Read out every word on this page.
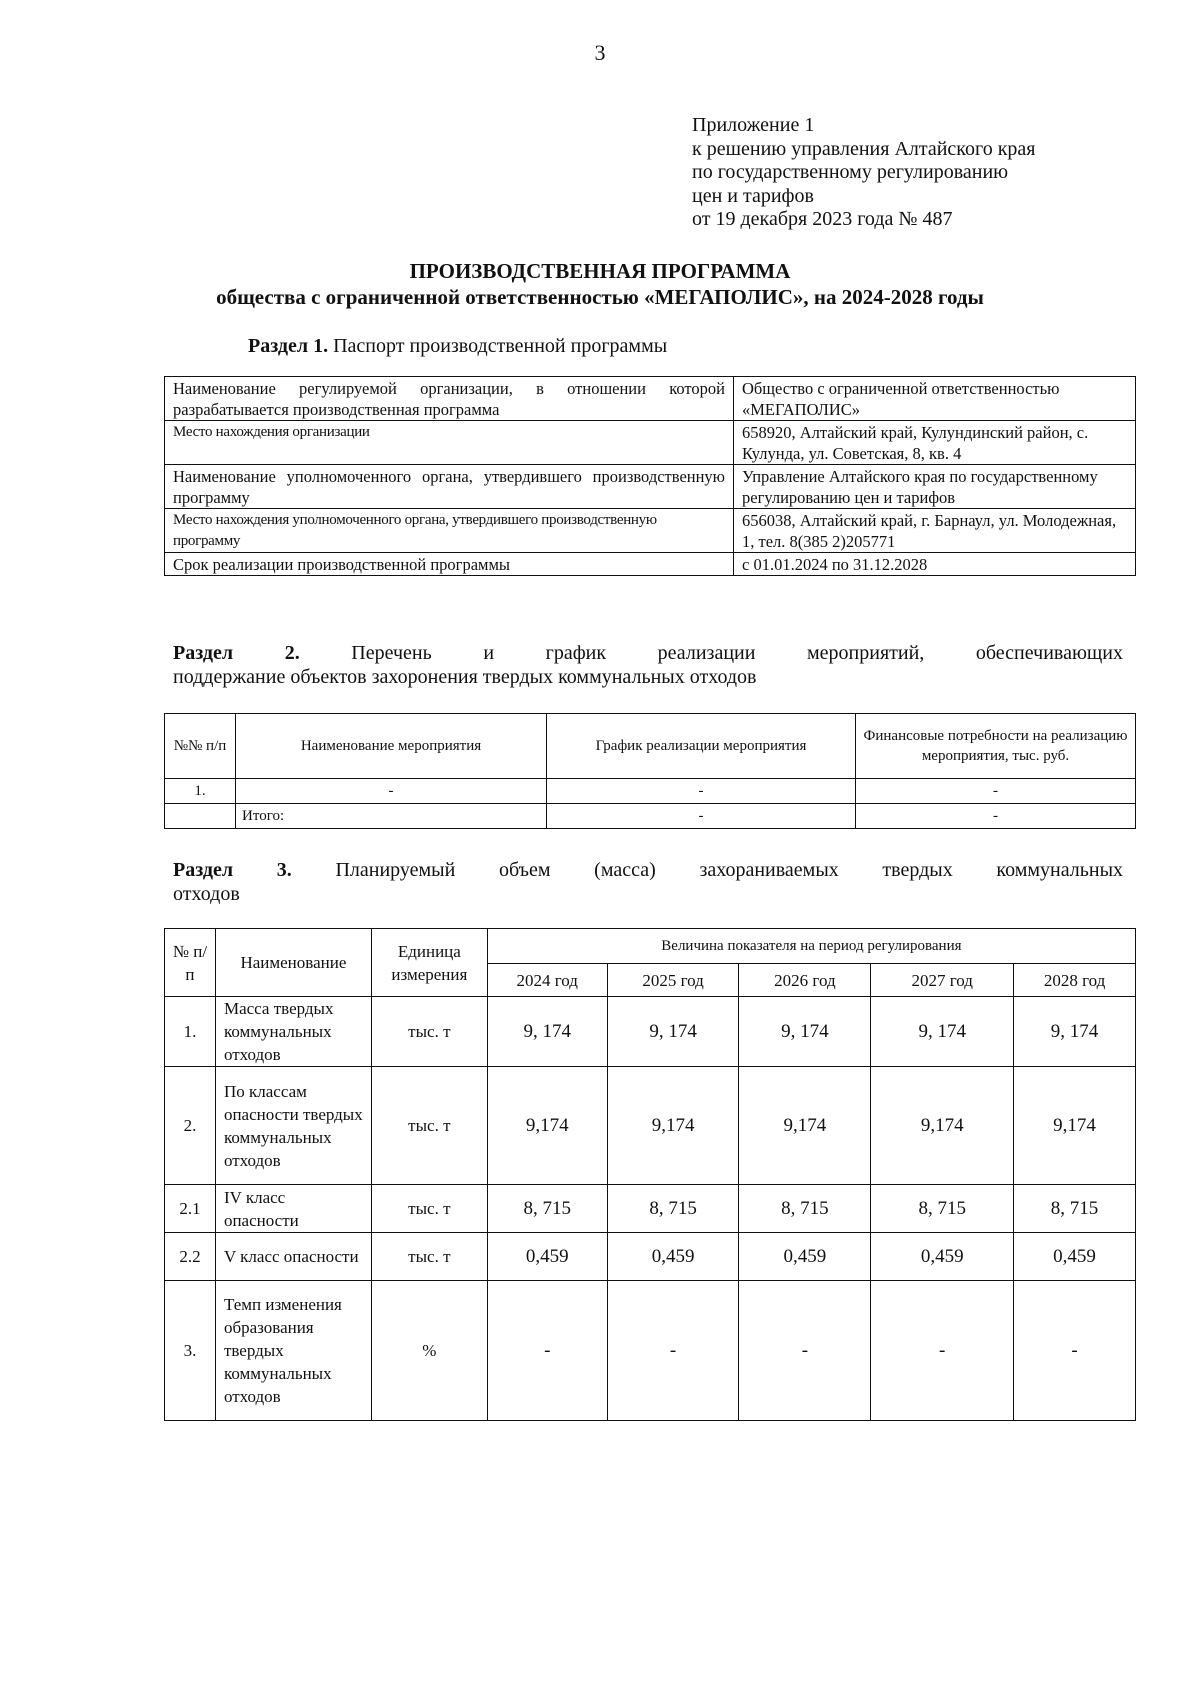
3
Приложение 1
к решению управления Алтайского края
по государственному регулированию
цен и тарифов
от 19 декабря 2023 года № 487
ПРОИЗВОДСТВЕННАЯ ПРОГРАММА
общества с ограниченной ответственностью «МЕГАПОЛИС», на 2024-2028 годы
Раздел 1. Паспорт производственной программы
Наименование регулируемой организации, в отношении которой разрабатывается производственная программа	Общество с ограниченной ответственностью «МЕГАПОЛИС»
Место нахождения организации	658920, Алтайский край, Кулундинский район, с. Кулунда, ул. Советская, 8, кв. 4
Наименование уполномоченного органа, утвердившего производственную программу	Управление Алтайского края по государственному регулированию цен и тарифов
Место нахождения уполномоченного органа, утвердившего производственную программу	656038, Алтайский край, г. Барнаул, ул. Молодежная, 1, тел. 8(385 2)205771
Срок реализации производственной программы	с 01.01.2024 по 31.12.2028
Раздел 2.	Перечень и график реализации мероприятий, обеспечивающих
поддержание объектов захоронения твердых коммунальных отходов
№№ п/п	Наименование мероприятия	График реализации мероприятия	Финансовые потребности на реализацию мероприятия, тыс. руб.
1.	-	-	-
	Итого:	-	-
Раздел 3. Планируемый объем (масса) захораниваемых твердых коммунальных
отходов
№ п/п	Наименование	Единица измерения	Величина показателя на период регулирования				
			2024 год	2025 год	2026 год	2027 год	2028 год
1.	Масса твердых коммунальных отходов	тыс. т	9, 174	9, 174	9, 174	9, 174	9, 174
2.	По классам опасности твердых коммунальных отходов	тыс. т	9,174	9,174	9,174	9,174	9,174
2.1	IV класс опасности	тыс. т	8, 715	8, 715	8, 715	8, 715	8, 715
2.2	V класс опасности	тыс. т	0,459	0,459	0,459	0,459	0,459
3.	Темп изменения образования твердых коммунальных отходов	%	-	-	-	-	-
